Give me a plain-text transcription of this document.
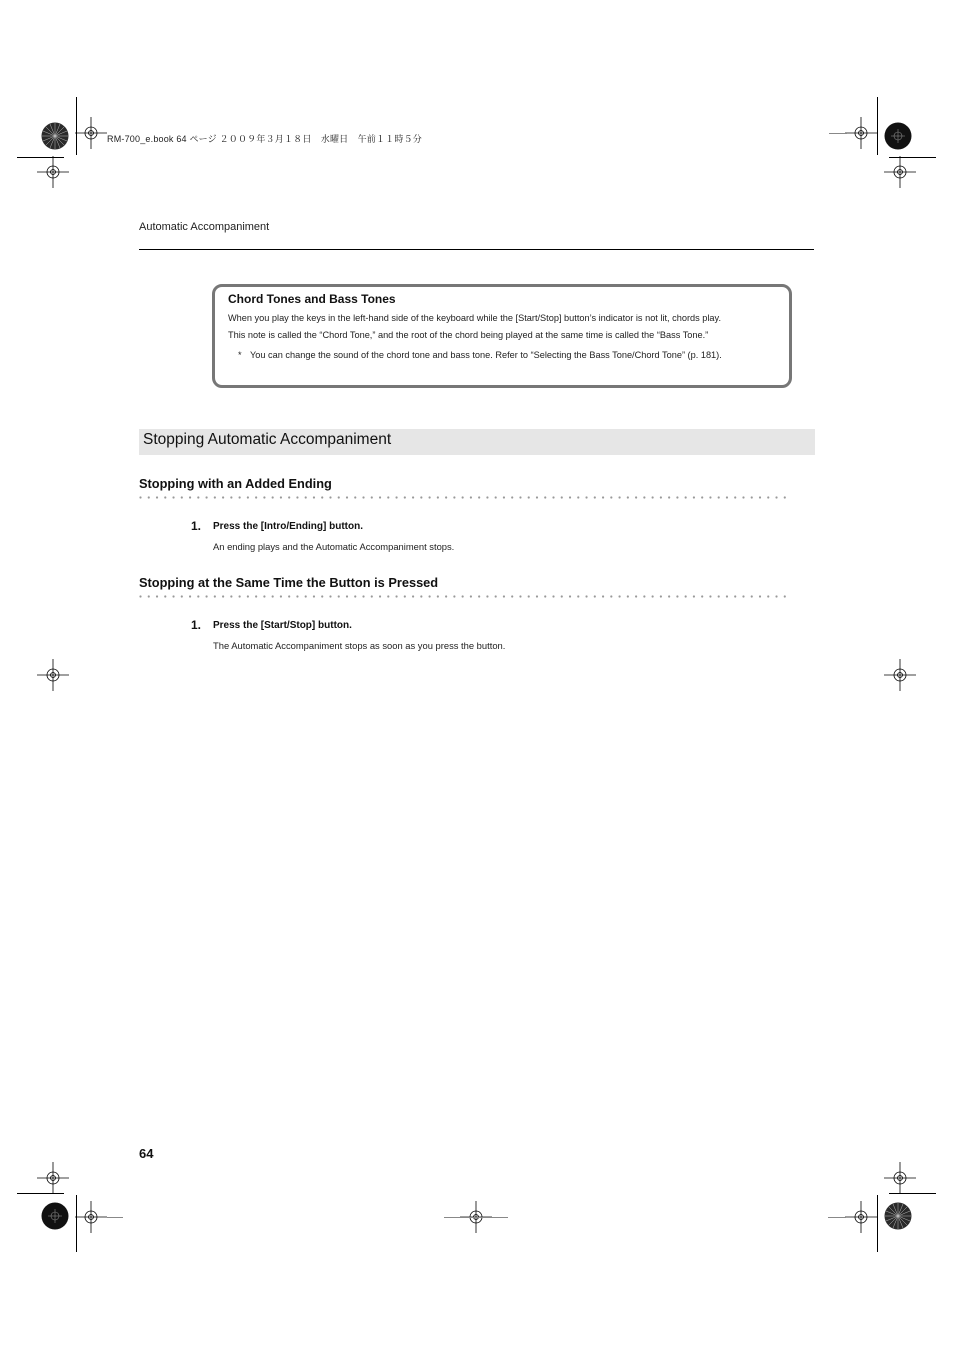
RM-700_e.book 64 ページ ２００９年３月１８日　水曜日　午前１１時５分
Automatic Accompaniment
Chord Tones and Bass Tones
When you play the keys in the left-hand side of the keyboard while the [Start/Stop] button’s indicator is not lit, chords play.
This note is called the “Chord Tone,” and the root of the chord being played at the same time is called the “Bass Tone.”
* You can change the sound of the chord tone and bass tone. Refer to “Selecting the Bass Tone/Chord Tone” (p. 181).
Stopping Automatic Accompaniment
Stopping with an Added Ending
1. Press the [Intro/Ending] button.
An ending plays and the Automatic Accompaniment stops.
Stopping at the Same Time the Button is Pressed
1. Press the [Start/Stop] button.
The Automatic Accompaniment stops as soon as you press the button.
64
